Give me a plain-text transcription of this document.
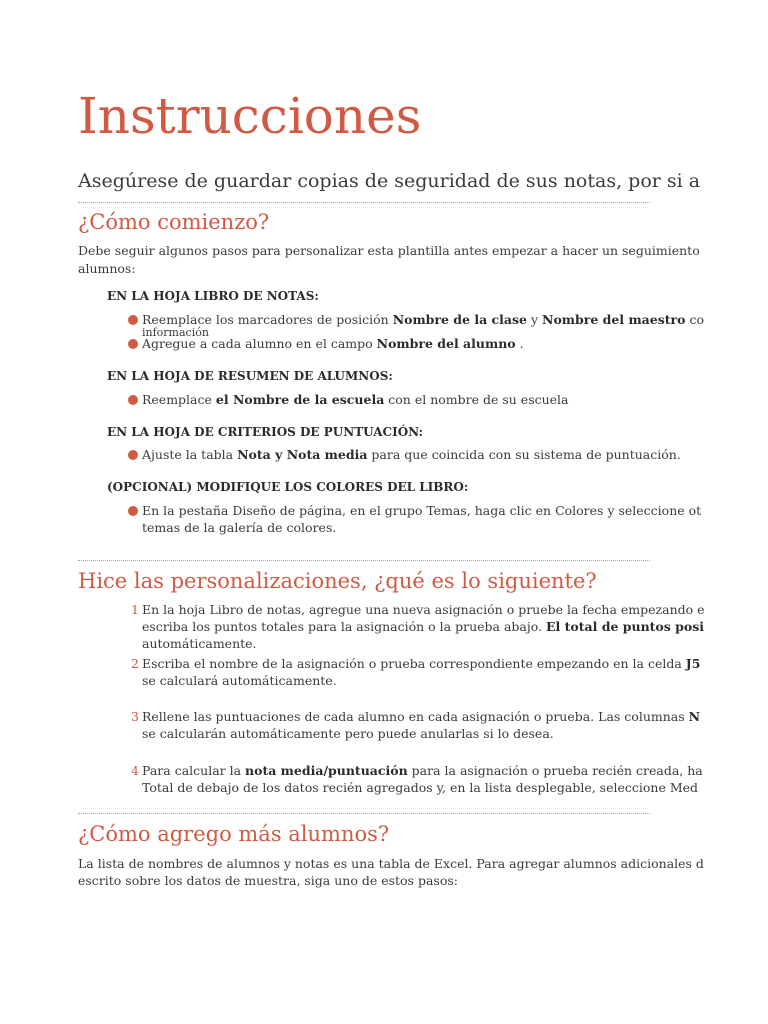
Instrucciones
Asegúrese de guardar copias de seguridad de sus notas, por si a
¿Cómo comienzo?
Debe seguir algunos pasos para personalizar esta plantilla antes empezar a hacer un seguimiento
alumnos:
EN LA HOJA LIBRO DE NOTAS:
información
Reemplace los marcadores de posición Nombre de la clase y Nombre del maestro co
Agregue a cada alumno en el campo Nombre del alumno .
EN LA HOJA DE RESUMEN DE ALUMNOS:
Reemplace el Nombre de la escuela con el nombre de su escuela
EN LA HOJA DE CRITERIOS DE PUNTUACIÓN:
Ajuste la tabla Nota y Nota media para que coincida con su sistema de puntuación.
(OPCIONAL) MODIFIQUE LOS COLORES DEL LIBRO:
En la pestaña Diseño de página, en el grupo Temas, haga clic en Colores y seleccione ot
temas de la galería de colores.
Hice las personalizaciones, ¿qué es lo siguiente?
1 En la hoja Libro de notas, agregue una nueva asignación o pruebe la fecha empezando e
escriba los puntos totales para la asignación o la prueba abajo. El total de puntos posi
automáticamente.
2 Escriba el nombre de la asignación o prueba correspondiente empezando en la celda J5
se calculará automáticamente.
3 Rellene las puntuaciones de cada alumno en cada asignación o prueba. Las columnas N
se calcularán automáticamente pero puede anularlas si lo desea.
4 Para calcular la nota media/puntuación para la asignación o prueba recién creada, ha
Total de debajo de los datos recién agregados y, en la lista desplegable, seleccione Med
¿Cómo agrego más alumnos?
La lista de nombres de alumnos y notas es una tabla de Excel. Para agregar alumnos adicionales d
escrito sobre los datos de muestra, siga uno de estos pasos:
